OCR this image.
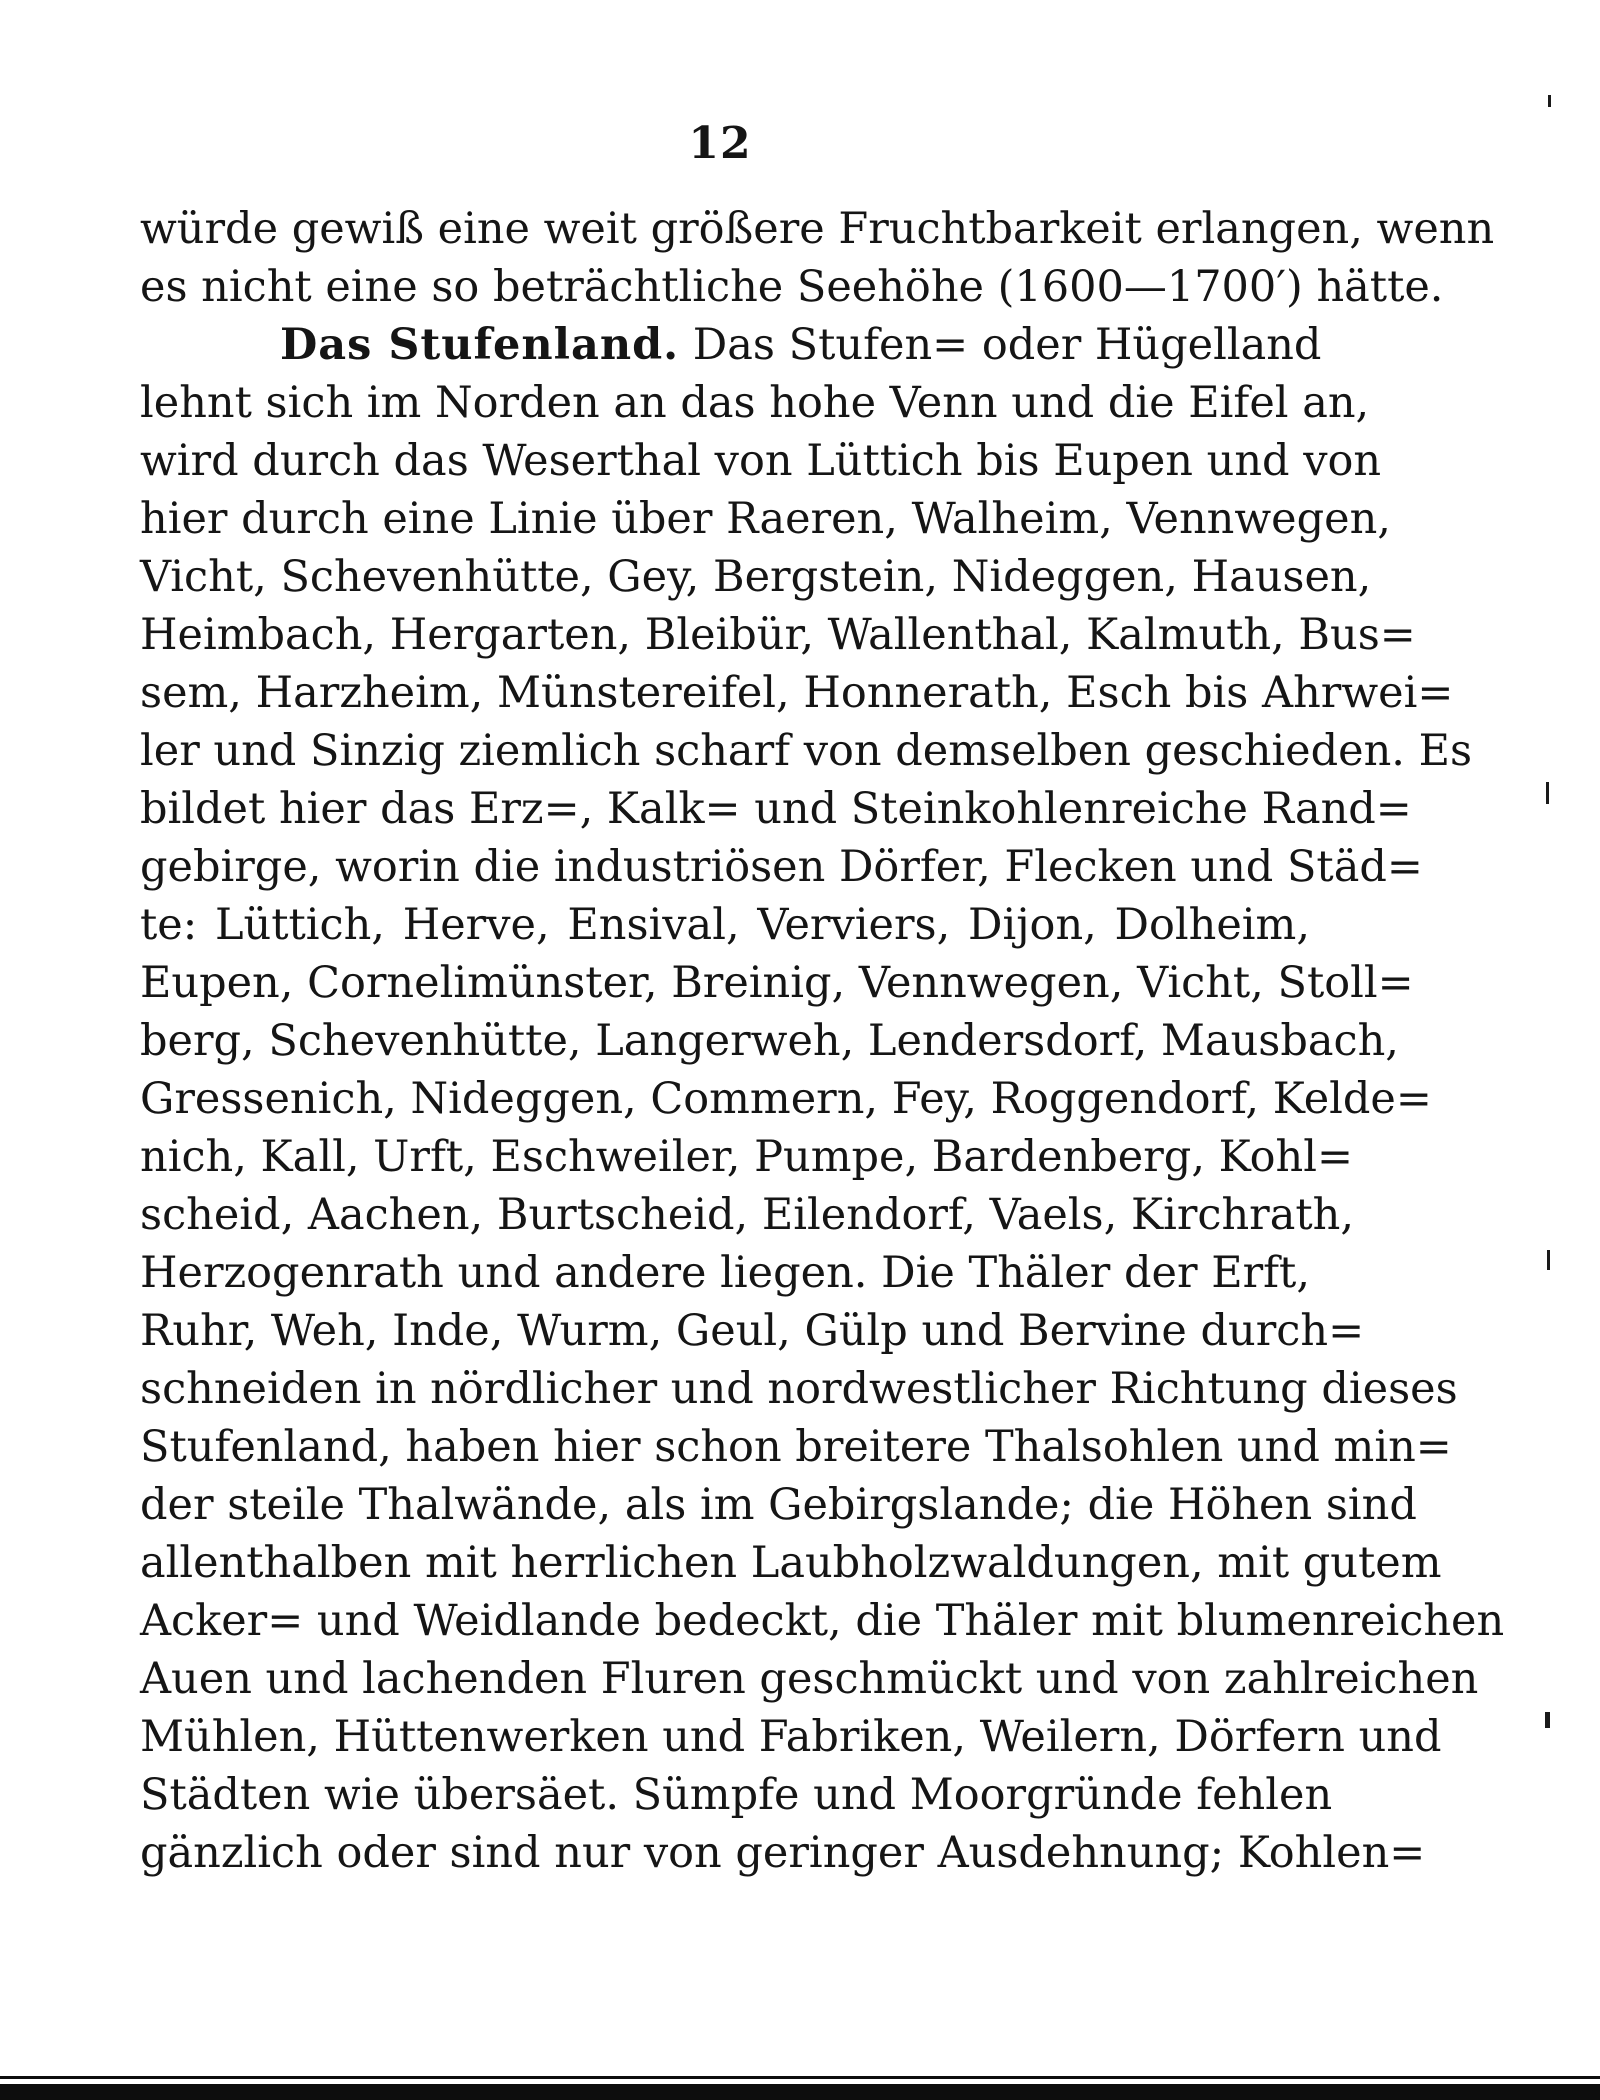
12
würde gewiß eine weit größere Fruchtbarkeit erlangen, wenn
es nicht eine so beträchtliche Seehöhe (1600—1700′) hätte.
Das Stufenland. Das Stufen= oder Hügelland
lehnt sich im Norden an das hohe Venn und die Eifel an,
wird durch das Weserthal von Lüttich bis Eupen und von
hier durch eine Linie über Raeren, Walheim, Vennwegen,
Vicht, Schevenhütte, Gey, Bergstein, Nideggen, Hausen,
Heimbach, Hergarten, Bleibür, Wallenthal, Kalmuth, Bus=
sem, Harzheim, Münstereifel, Honnerath, Esch bis Ahrwei=
ler und Sinzig ziemlich scharf von demselben geschieden. Es
bildet hier das Erz=, Kalk= und Steinkohlenreiche Rand=
gebirge, worin die industriösen Dörfer, Flecken und Städ=
te: Lüttich, Herve, Ensival, Verviers, Dijon, Dolheim,
Eupen, Cornelimünster, Breinig, Vennwegen, Vicht, Stoll=
berg, Schevenhütte, Langerweh, Lendersdorf, Mausbach,
Gressenich, Nideggen, Commern, Fey, Roggendorf, Kelde=
nich, Kall, Urft, Eschweiler, Pumpe, Bardenberg, Kohl=
scheid, Aachen, Burtscheid, Eilendorf, Vaels, Kirchrath,
Herzogenrath und andere liegen. Die Thäler der Erft,
Ruhr, Weh, Inde, Wurm, Geul, Gülp und Bervine durch=
schneiden in nördlicher und nordwestlicher Richtung dieses
Stufenland, haben hier schon breitere Thalsohlen und min=
der steile Thalwände, als im Gebirgslande; die Höhen sind
allenthalben mit herrlichen Laubholzwaldungen, mit gutem
Acker= und Weidlande bedeckt, die Thäler mit blumenreichen
Auen und lachenden Fluren geschmückt und von zahlreichen
Mühlen, Hüttenwerken und Fabriken, Weilern, Dörfern und
Städten wie übersäet. Sümpfe und Moorgründe fehlen
gänzlich oder sind nur von geringer Ausdehnung; Kohlen=
